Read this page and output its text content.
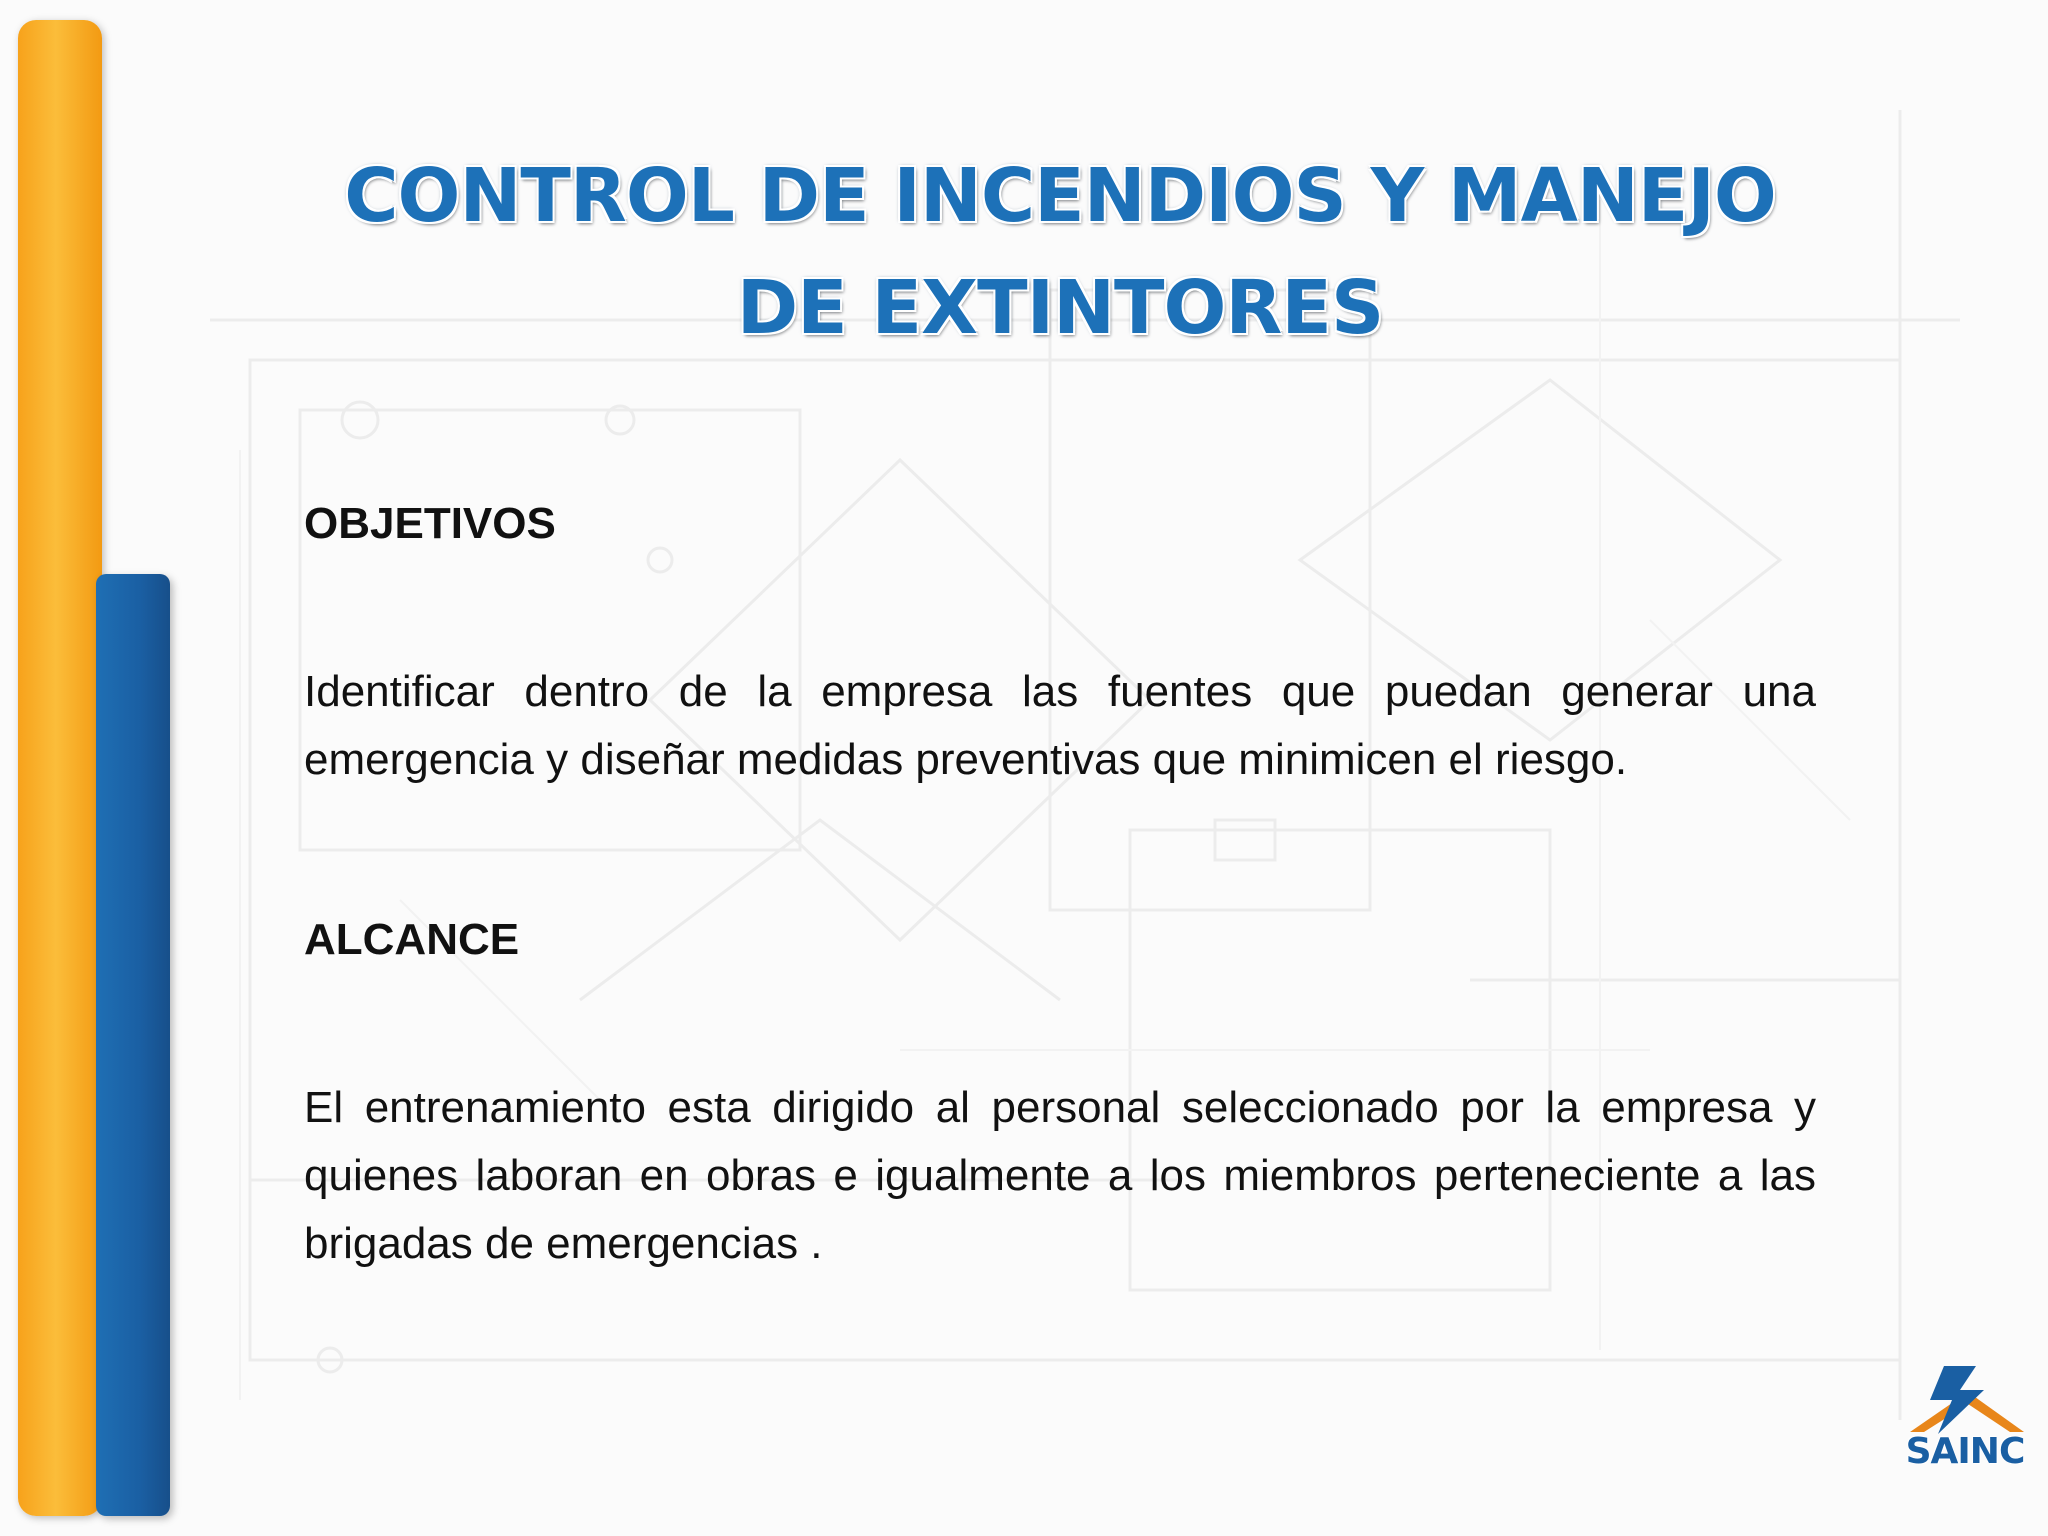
CONTROL DE INCENDIOS Y MANEJO DE EXTINTORES

OBJETIVOS

Identificar dentro de la empresa las fuentes que puedan generar una emergencia y diseñar medidas preventivas que minimicen el riesgo.

ALCANCE

El entrenamiento esta dirigido al personal seleccionado por la empresa y quienes laboran en obras e igualmente a los miembros perteneciente a las brigadas de emergencias .

SAINC
